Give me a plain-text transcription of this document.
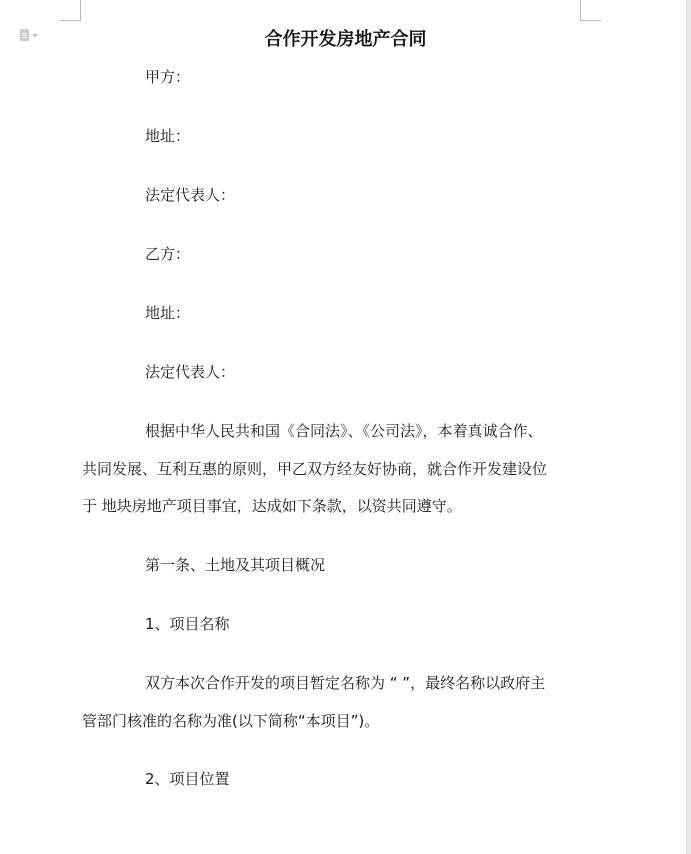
合作开发房地产合同
甲方：
地址：
法定代表人：
乙方：
地址：
法定代表人：
根据中华人民共和国《合同法》、《公司法》，本着真诚合作、
共同发展、互利互惠的原则，甲乙双方经友好协商，就合作开发建设位
于 地块房地产项目事宜，达成如下条款，以资共同遵守。
第一条、土地及其项目概况
1、项目名称
双方本次合作开发的项目暂定名称为 “ ”，最终名称以政府主
管部门核准的名称为准(以下简称“本项目”)。
2、项目位置
